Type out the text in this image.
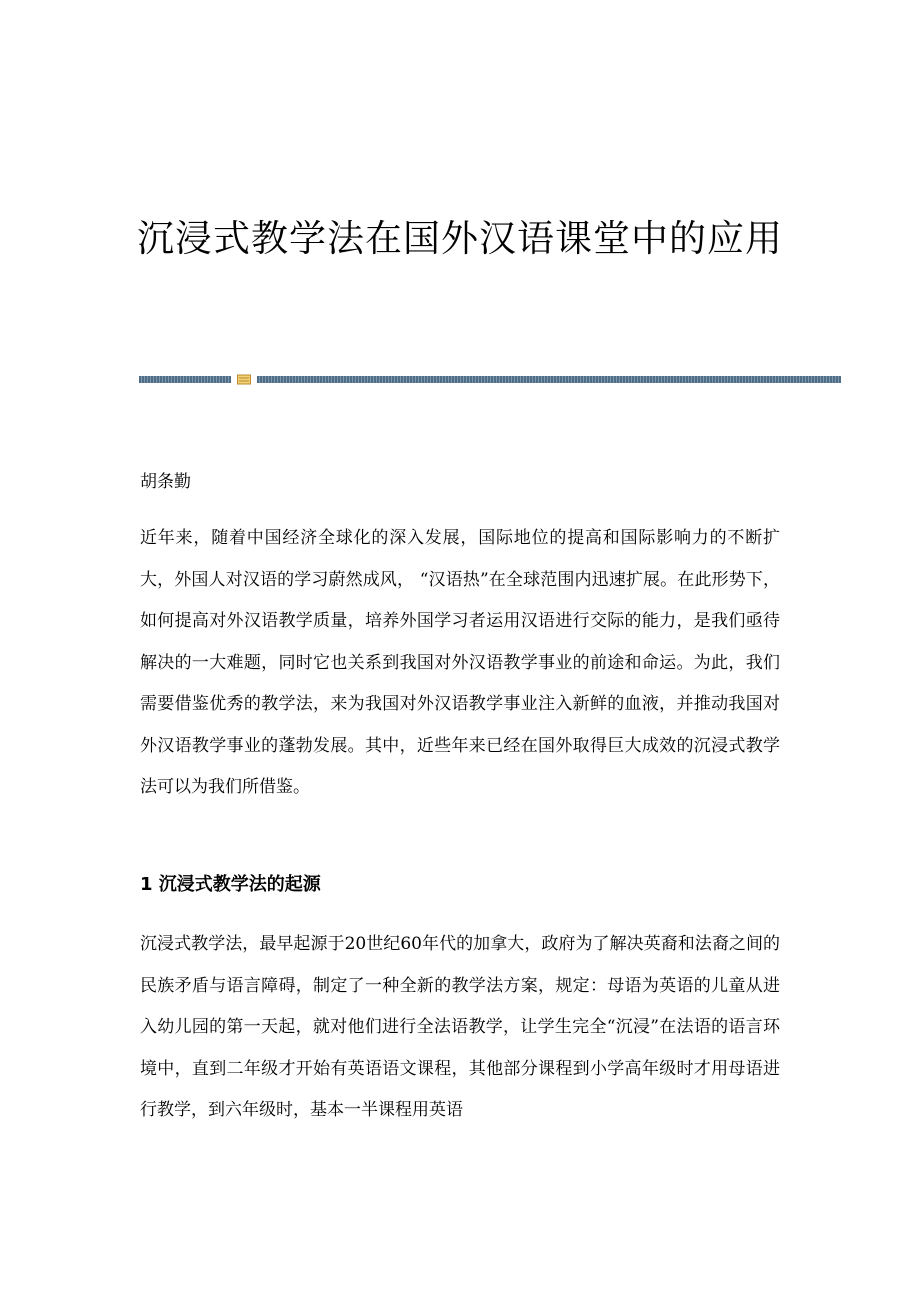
沉浸式教学法在国外汉语课堂中的应用

胡条勤

近年来，随着中国经济全球化的深入发展，国际地位的提高和国际影响力的不断扩大，外国人对汉语的学习蔚然成风， “汉语热”在全球范围内迅速扩展。在此形势下，如何提高对外汉语教学质量，培养外国学习者运用汉语进行交际的能力，是我们亟待解决的一大难题，同时它也关系到我国对外汉语教学事业的前途和命运。为此，我们需要借鉴优秀的教学法，来为我国对外汉语教学事业注入新鲜的血液，并推动我国对外汉语教学事业的蓬勃发展。其中，近些年来已经在国外取得巨大成效的沉浸式教学法可以为我们所借鉴。

1 沉浸式教学法的起源

沉浸式教学法，最早起源于20世纪60年代的加拿大，政府为了解决英裔和法裔之间的民族矛盾与语言障碍，制定了一种全新的教学法方案，规定：母语为英语的儿童从进入幼儿园的第一天起，就对他们进行全法语教学，让学生完全“沉浸”在法语的语言环境中，直到二年级才开始有英语语文课程，其他部分课程到小学高年级时才用母语进行教学，到六年级时，基本一半课程用英语
